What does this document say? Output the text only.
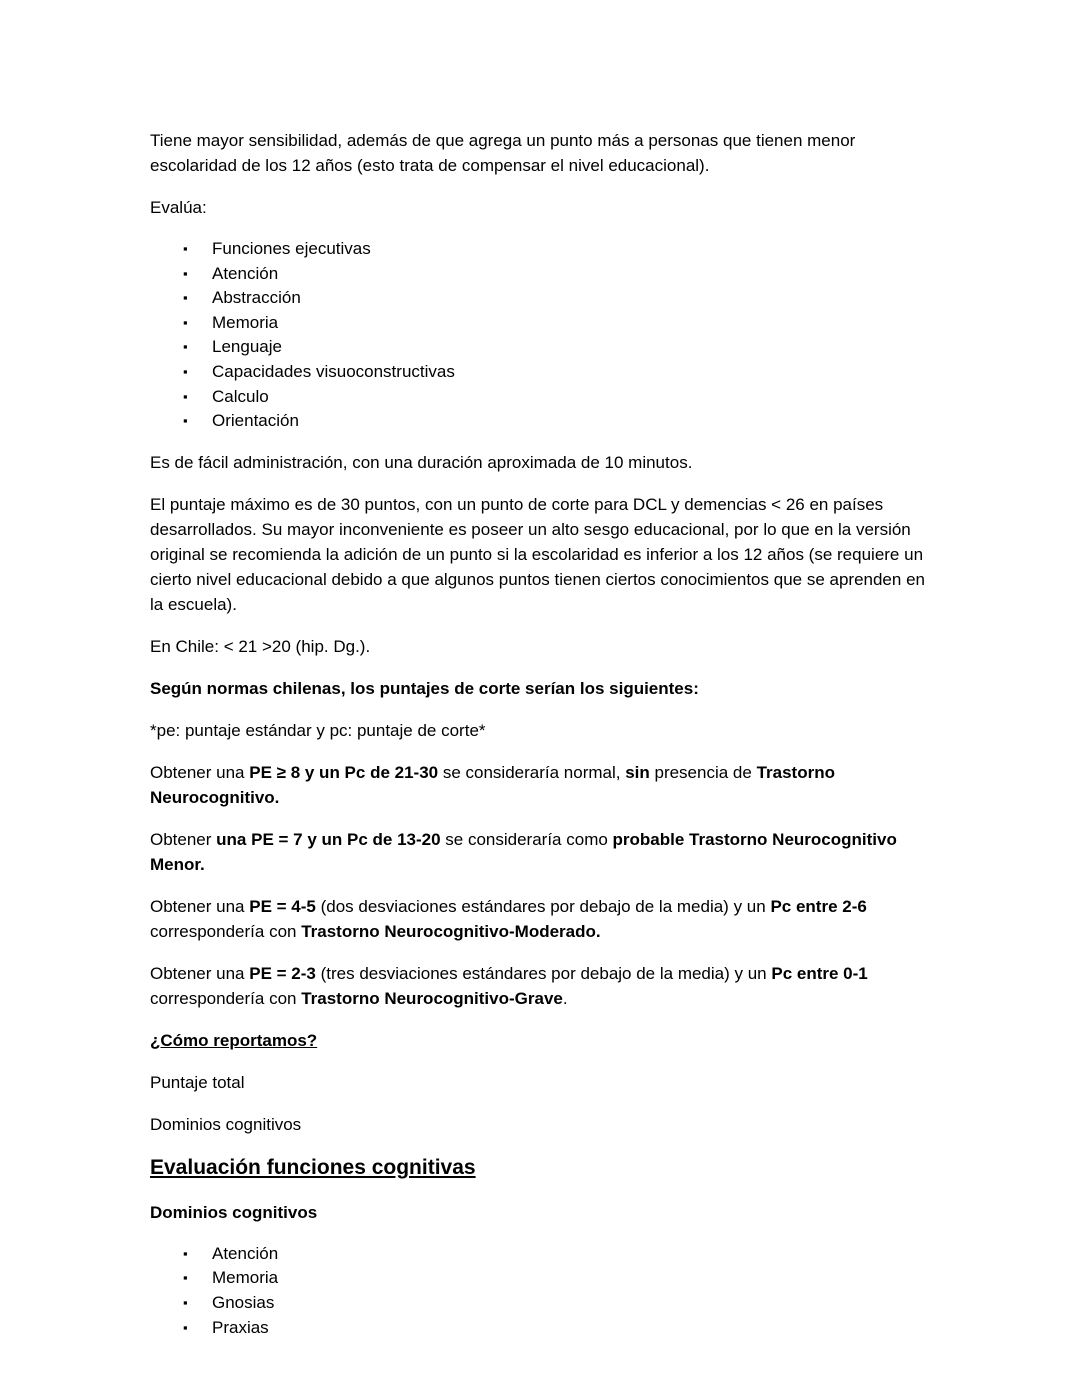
Tiene mayor sensibilidad, además de que agrega un punto más a personas que tienen menor escolaridad de los 12 años (esto trata de compensar el nivel educacional).

Evalúa:

▪ Funciones ejecutivas
▪ Atención
▪ Abstracción
▪ Memoria
▪ Lenguaje
▪ Capacidades visuoconstructivas
▪ Calculo
▪ Orientación

Es de fácil administración, con una duración aproximada de 10 minutos.

El puntaje máximo es de 30 puntos, con un punto de corte para DCL y demencias < 26 en países desarrollados. Su mayor inconveniente es poseer un alto sesgo educacional, por lo que en la versión original se recomienda la adición de un punto si la escolaridad es inferior a los 12 años (se requiere un cierto nivel educacional debido a que algunos puntos tienen ciertos conocimientos que se aprenden en la escuela).

En Chile: < 21 >20 (hip. Dg.).

Según normas chilenas, los puntajes de corte serían los siguientes:

*pe: puntaje estándar y pc: puntaje de corte*

Obtener una PE ≥ 8 y un Pc de 21-30 se consideraría normal, sin presencia de Trastorno Neurocognitivo.

Obtener una PE = 7 y un Pc de 13-20 se consideraría como probable Trastorno Neurocognitivo Menor.

Obtener una PE = 4-5 (dos desviaciones estándares por debajo de la media) y un Pc entre 2-6 correspondería con Trastorno Neurocognitivo-Moderado.

Obtener una PE = 2-3 (tres desviaciones estándares por debajo de la media) y un Pc entre 0-1 correspondería con Trastorno Neurocognitivo-Grave.

¿Cómo reportamos?

Puntaje total

Dominios cognitivos

Evaluación funciones cognitivas

Dominios cognitivos

▪ Atención
▪ Memoria
▪ Gnosias
▪ Praxias
